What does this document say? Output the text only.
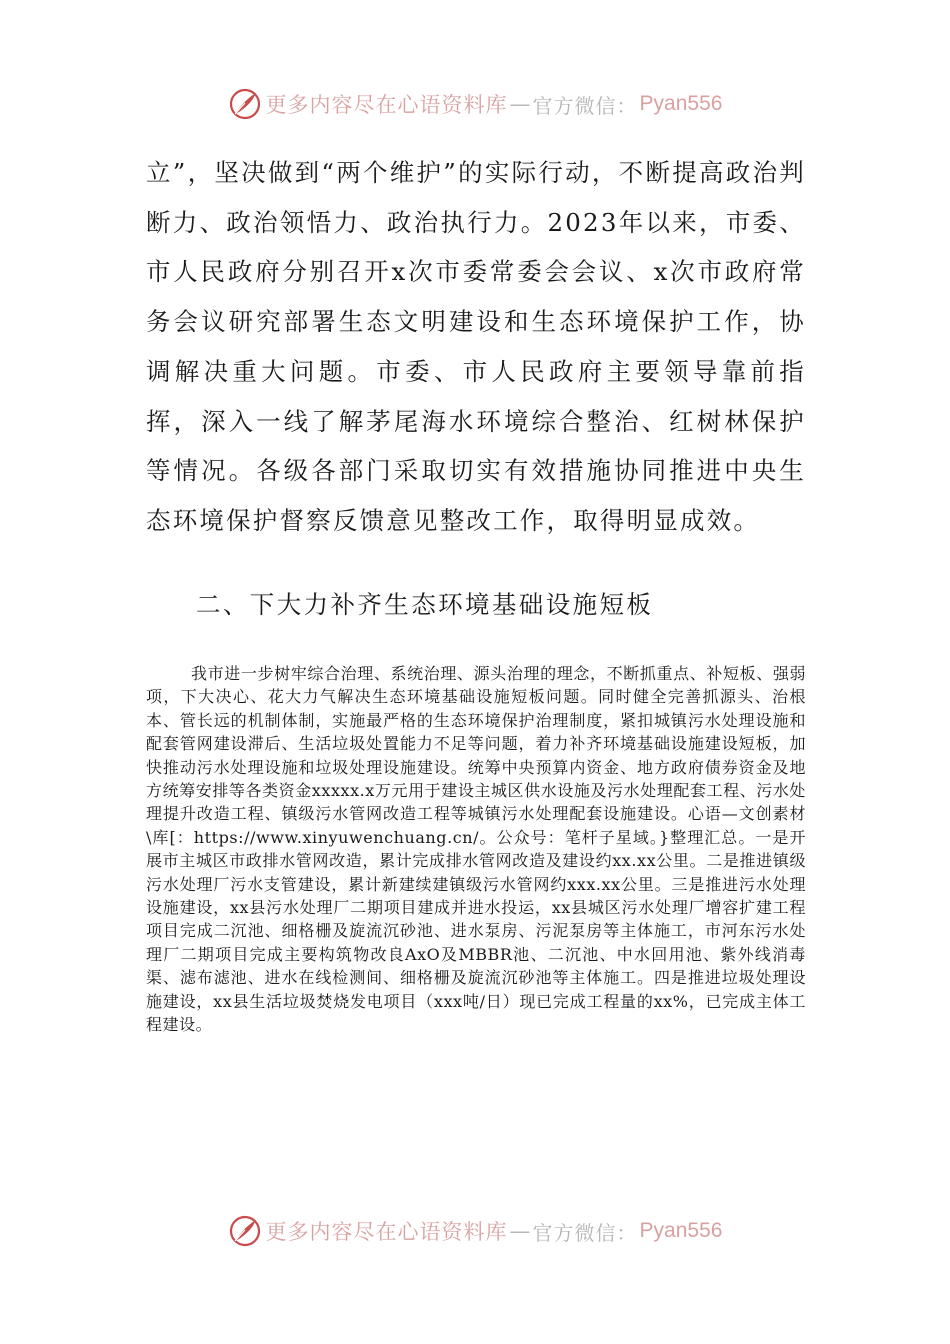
更多内容尽在心语资料库 — 官方微信： Pyan556

立”，坚决做到“两个维护”的实际行动，不断提高政治判断力、政治领悟力、政治执行力。2023年以来，市委、市人民政府分别召开x次市委常委会会议、x次市政府常务会议研究部署生态文明建设和生态环境保护工作，协调解决重大问题。市委、市人民政府主要领导靠前指挥，深入一线了解茅尾海水环境综合整治、红树林保护等情况。各级各部门采取切实有效措施协同推进中央生态环境保护督察反馈意见整改工作，取得明显成效。

二、下大力补齐生态环境基础设施短板

我市进一步树牢综合治理、系统治理、源头治理的理念，不断抓重点、补短板、强弱项，下大决心、花大力气解决生态环境基础设施短板问题。同时健全完善抓源头、治根本、管长远的机制体制，实施最严格的生态环境保护治理制度，紧扣城镇污水处理设施和配套管网建设滞后、生活垃圾处置能力不足等问题，着力补齐环境基础设施建设短板，加快推动污水处理设施和垃圾处理设施建设。统筹中央预算内资金、地方政府债券资金及地方统筹安排等各类资金xxxxx.x万元用于建设主城区供水设施及污水处理配套工程、污水处理提升改造工程、镇级污水管网改造工程等城镇污水处理配套设施建设。心语—文创素材\库[：https://www.xinyuwenchuang.cn/。公众号：笔杆子星域。}整理汇总。一是开展市主城区市政排水管网改造，累计完成排水管网改造及建设约xx.xx公里。二是推进镇级污水处理厂污水支管建设，累计新建续建镇级污水管网约xxx.xx公里。三是推进污水处理设施建设，xx县污水处理厂二期项目建成并进水投运，xx县城区污水处理厂增容扩建工程项目完成二沉池、细格栅及旋流沉砂池、进水泵房、污泥泵房等主体施工，市河东污水处理厂二期项目完成主要构筑物改良AxO及MBBR池、二沉池、中水回用池、紫外线消毒渠、滤布滤池、进水在线检测间、细格栅及旋流沉砂池等主体施工。四是推进垃圾处理设施建设，xx县生活垃圾焚烧发电项目（xxx吨/日）现已完成工程量的xx%，已完成主体工程建设。

更多内容尽在心语资料库 — 官方微信： Pyan556
